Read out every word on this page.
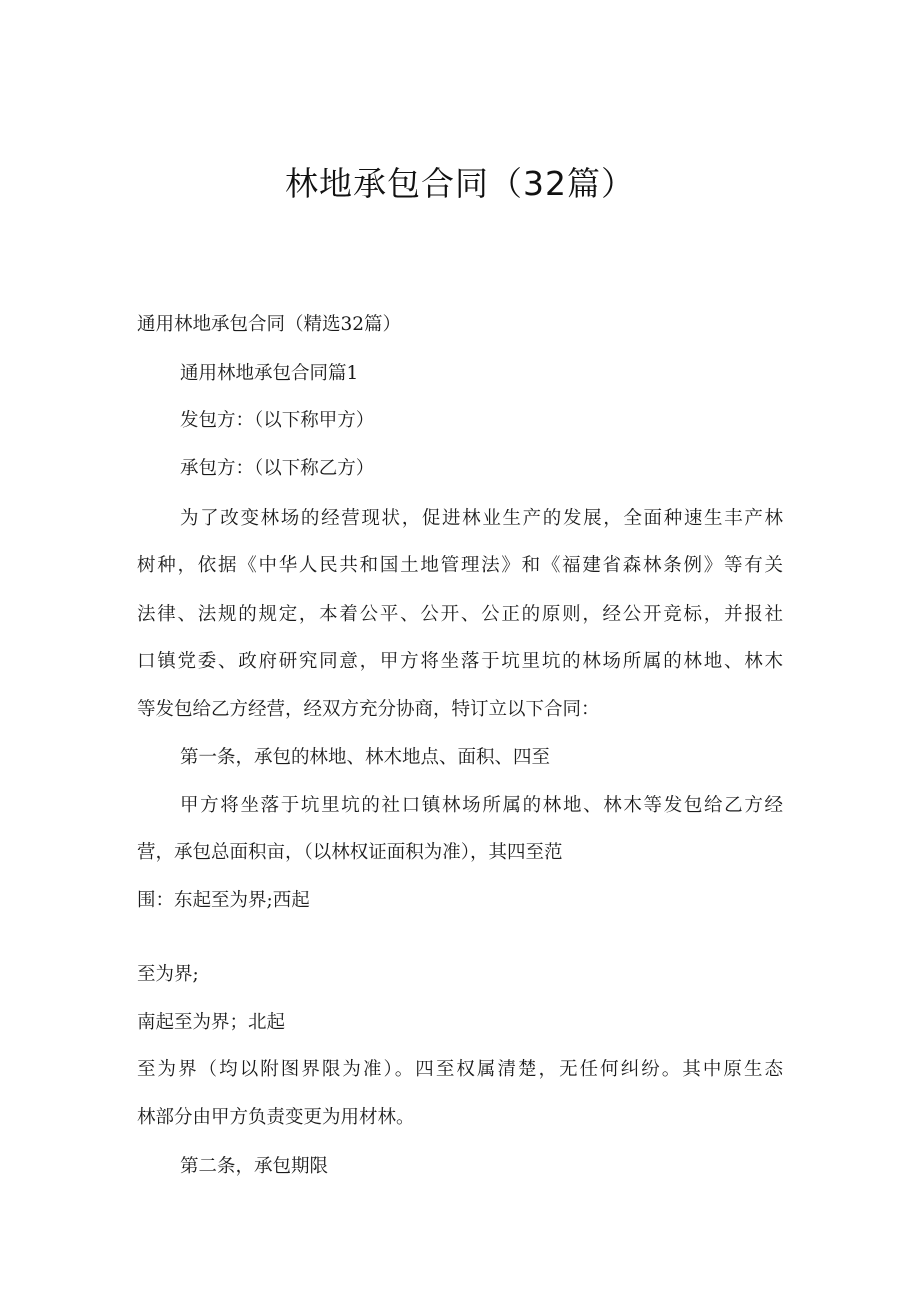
林地承包合同（32篇）
通用林地承包合同（精选32篇）
通用林地承包合同篇1
发包方：（以下称甲方）
承包方：（以下称乙方）
为了改变林场的经营现状，促进林业生产的发展，全面种速生丰产林
树种，依据《中华人民共和国土地管理法》和《福建省森林条例》等有关
法律、法规的规定，本着公平、公开、公正的原则，经公开竞标，并报社
口镇党委、政府研究同意，甲方将坐落于坑里坑的林场所属的林地、林木
等发包给乙方经营，经双方充分协商，特订立以下合同：
第一条，承包的林地、林木地点、面积、四至
甲方将坐落于坑里坑的社口镇林场所属的林地、林木等发包给乙方经
营，承包总面积亩，（以林权证面积为准），其四至范
围：东起至为界;西起
至为界;
南起至为界；北起
至为界（均以附图界限为准）。四至权属清楚，无任何纠纷。其中原生态
林部分由甲方负责变更为用材林。
第二条，承包期限
